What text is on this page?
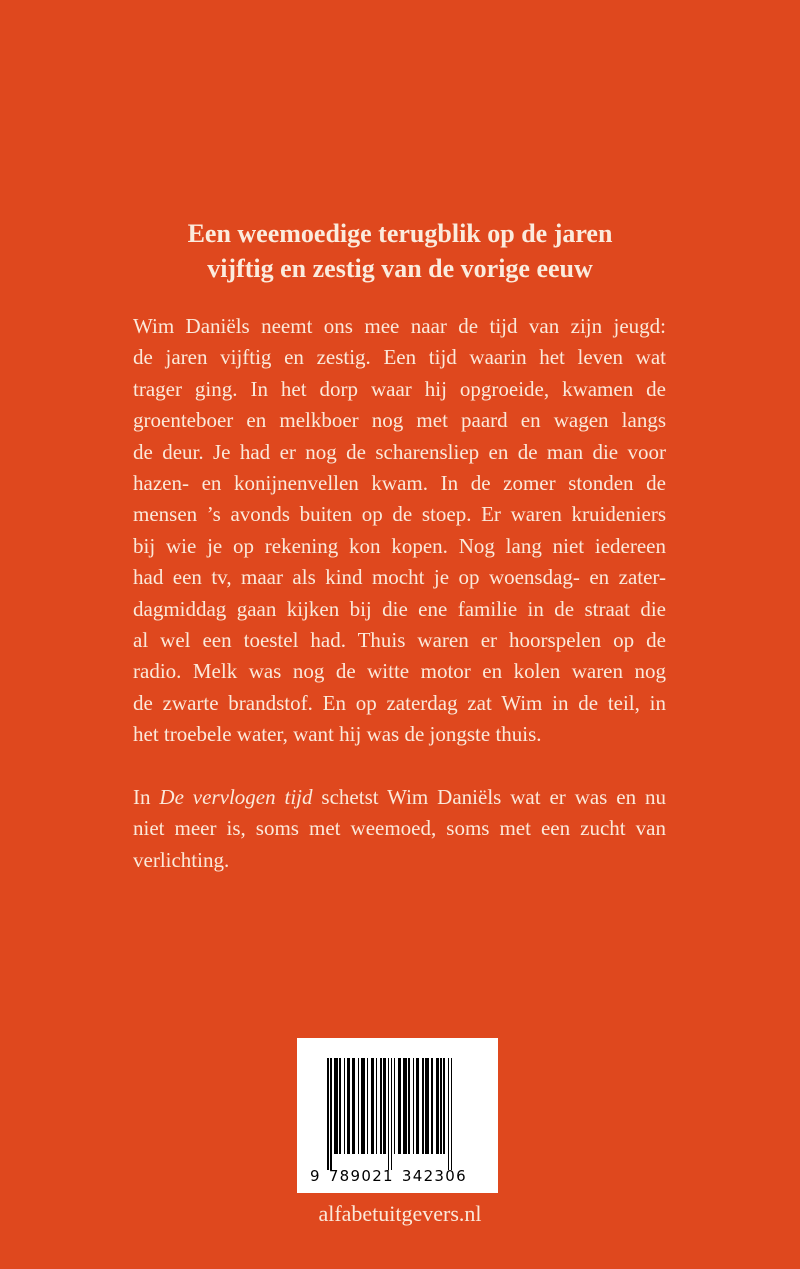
Een weemoedige terugblik op de jaren
vijftig en zestig van de vorige eeuw

Wim Daniëls neemt ons mee naar de tijd van zijn jeugd:
de jaren vijftig en zestig. Een tijd waarin het leven wat
trager ging. In het dorp waar hij opgroeide, kwamen de
groenteboer en melkboer nog met paard en wagen langs
de deur. Je had er nog de scharensliep en de man die voor
hazen- en konijnenvellen kwam. In de zomer stonden de
mensen ’s avonds buiten op de stoep. Er waren kruideniers
bij wie je op rekening kon kopen. Nog lang niet iedereen
had een tv, maar als kind mocht je op woensdag- en zater-
dagmiddag gaan kijken bij die ene familie in de straat die
al wel een toestel had. Thuis waren er hoorspelen op de
radio. Melk was nog de witte motor en kolen waren nog
de zwarte brandstof. En op zaterdag zat Wim in de teil, in
het troebele water, want hij was de jongste thuis.

In De vervlogen tijd schetst Wim Daniëls wat er was en nu
niet meer is, soms met weemoed, soms met een zucht van
verlichting.

9 789021 342306
alfabetuitgevers.nl
